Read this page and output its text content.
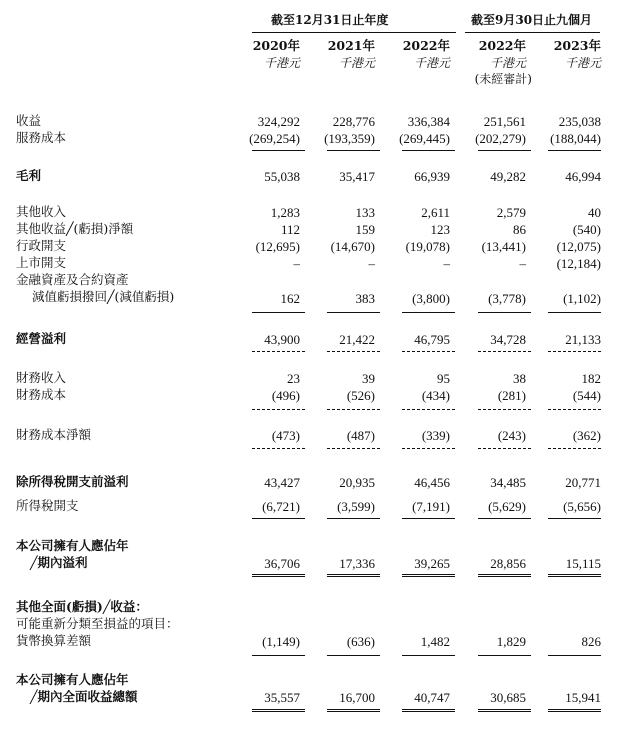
截至12月31日止年度	截至9月30日止九個月
2020年 2021年 2022年 2022年 2023年
千港元	千港元	千港元	千港元	千港元
(未經審計)
收益	324,292	228,776	336,384	251,561	235,038
服務成本	(269,254) (193,359) (269,445) (202,279) (188,044)
毛利	55,038	35,417	66,939	49,282	46,994
其他收入	1,283	133	2,611	2,579	40
其他收益╱(虧損)淨額	112	159	123	86	(540)
行政開支	(12,695) (14,670) (19,078) (13,441) (12,075)
上市開支	–	–	–	– (12,184)
金融資產及合約資產
減值虧損撥回╱(減值虧損)	162	383	(3,800)	(3,778)	(1,102)
經營溢利	43,900	21,422	46,795	34,728	21,133
財務收入	23	39	95	38	182
財務成本	(496)	(526)	(434)	(281)	(544)
財務成本淨額	(473)	(487)	(339)	(243)	(362)
除所得稅開支前溢利	43,427	20,935	46,456	34,485	20,771
所得稅開支	(6,721)	(3,599)	(7,191)	(5,629)	(5,656)
本公司擁有人應佔年
╱期內溢利	36,706	17,336	39,265	28,856	15,115
其他全面(虧損)╱收益：
可能重新分類至損益的項目：
貨幣換算差額	(1,149)	(636)	1,482	1,829	826
本公司擁有人應佔年
╱期內全面收益總額	35,557	16,700	40,747	30,685	15,941
